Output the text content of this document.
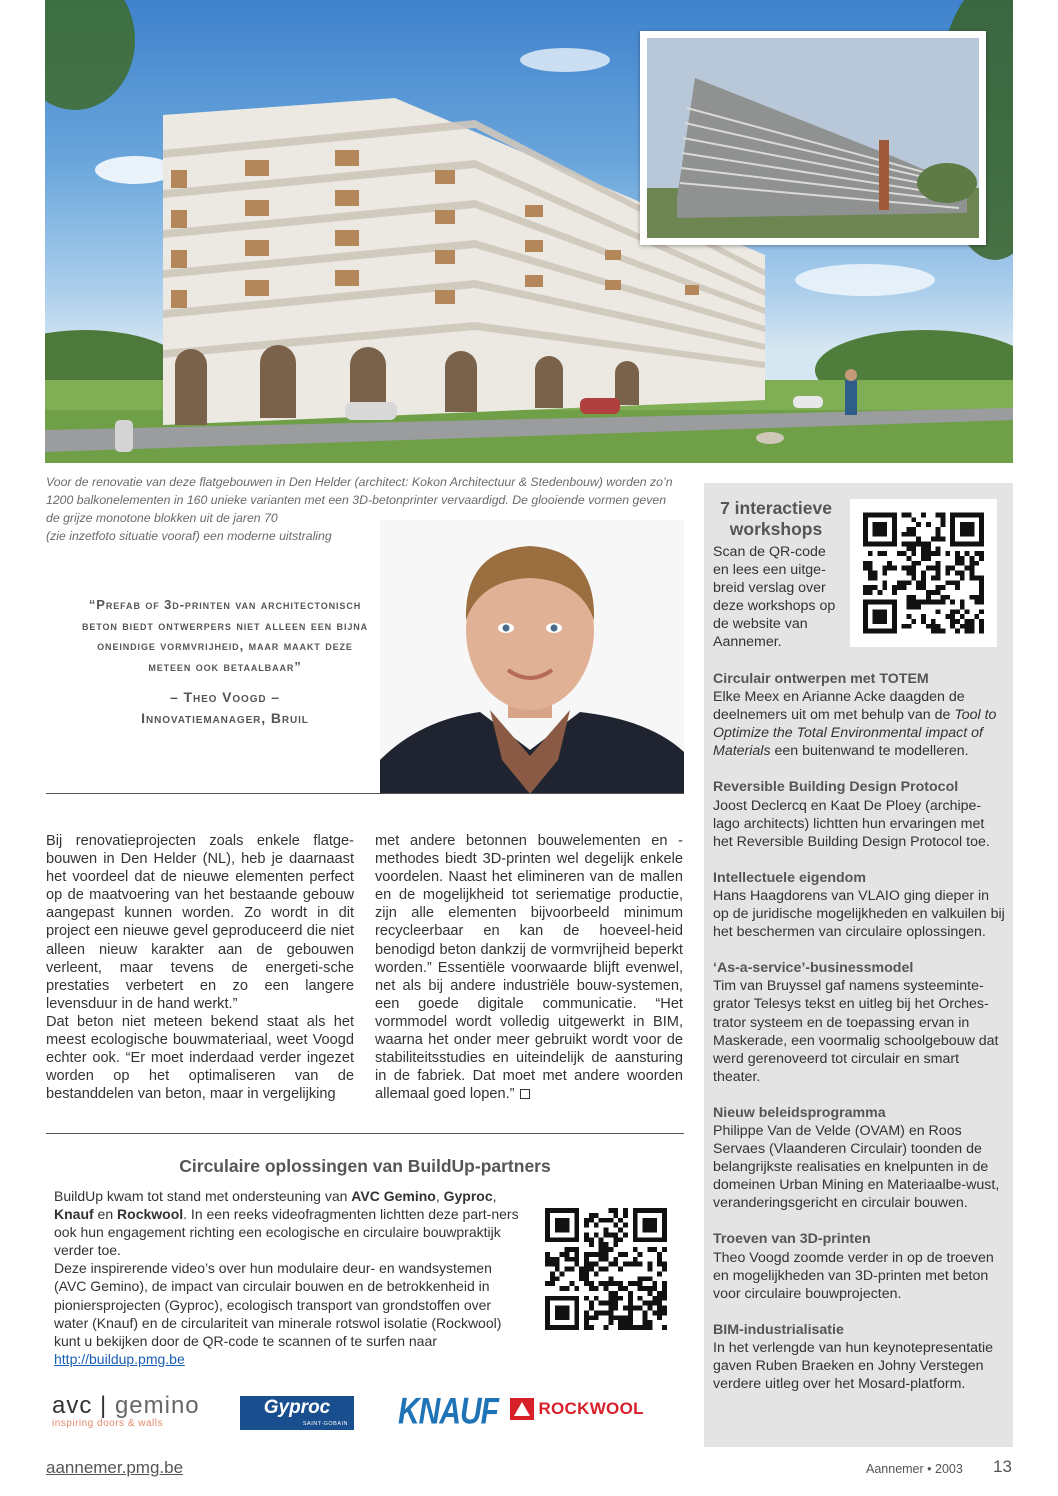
Voor de renovatie van deze flatgebouwen in Den Helder (architect: Kokon Architectuur & Stedenbouw) worden zo’n 1200 balkonelementen in 160 unieke varianten met een 3D-betonprinter vervaardigd. De glooiende vormen geven de grijze monotone blokken uit de jaren 70
(zie inzetfoto situatie vooraf) een moderne uitstraling

“Prefab of 3d-printen van architectonisch beton biedt ontwerpers niet alleen een bijna oneindige vormvrijheid, maar maakt deze meteen ook betaalbaar”
– Theo Voogd –
Innovatiemanager, Bruil

Bij renovatieprojecten zoals enkele flatge-bouwen in Den Helder (NL), heb je daarnaast het voordeel dat de nieuwe elementen perfect op de maatvoering van het bestaande gebouw aangepast kunnen worden. Zo wordt in dit project een nieuwe gevel geproduceerd die niet alleen nieuw karakter aan de gebouwen verleent, maar tevens de energeti-sche prestaties verbetert en zo een langere levensduur in de hand werkt.”

Dat beton niet meteen bekend staat als het meest ecologische bouwmateriaal, weet Voogd echter ook. “Er moet inderdaad verder ingezet worden op het optimaliseren van de bestanddelen van beton, maar in vergelijking

met andere betonnen bouwelementen en -methodes biedt 3D-printen wel degelijk enkele voordelen. Naast het elimineren van de mallen en de mogelijkheid tot seriematige productie, zijn alle elementen bijvoorbeeld minimum recycleerbaar en kan de hoeveel-heid benodigd beton dankzij de vormvrijheid beperkt worden.” Essentiële voorwaarde blijft evenwel, net als bij andere industriële bouw-systemen, een goede digitale communicatie. “Het vormmodel wordt volledig uitgewerkt in BIM, waarna het onder meer gebruikt wordt voor de stabiliteitsstudies en uiteindelijk de aansturing in de fabriek. Dat moet met andere woorden allemaal goed lopen.”

Circulaire oplossingen van BuildUp-partners

BuildUp kwam tot stand met ondersteuning van AVC Gemino, Gyproc, Knauf en Rockwool. In een reeks videofragmenten lichtten deze part-ners ook hun engagement richting een ecologische en circulaire bouwpraktijk verder toe.

Deze inspirerende video’s over hun modulaire deur- en wandsystemen (AVC Gemino), de impact van circulair bouwen en de betrokkenheid in pioniersprojecten (Gyproc), ecologisch transport van grondstoffen over water (Knauf) en de circulariteit van minerale rotswol isolatie (Rockwool) kunt u bekijken door de QR-code te scannen of te surfen naar http://buildup.pmg.be

avc | gemino
inspiring doors & walls
Gyproc
SAINT-GOBAIN KNAUF	ROCKWOOL
7 interactieve workshops

Scan de QR-code en lees een uitge-breid verslag over deze workshops op de website van Aannemer.

Circulair ontwerpen met TOTEM

Elke Meex en Arianne Acke daagden de deelnemers uit om met behulp van de Tool to Optimize the Total Environmental impact of Materials een buitenwand te modelleren.

Reversible Building Design Protocol

Joost Declercq en Kaat De Ploey (archipe-lago architects) lichtten hun ervaringen met het Reversible Building Design Protocol toe.

Intellectuele eigendom

Hans Haagdorens van VLAIO ging dieper in op de juridische mogelijkheden en valkuilen bij het beschermen van circulaire oplossingen.

‘As-a-service’-businessmodel

Tim van Bruyssel gaf namens systeeminte-grator Telesys tekst en uitleg bij het Orches-trator systeem en de toepassing ervan in Maskerade, een voormalig schoolgebouw dat werd gerenoveerd tot circulair en smart theater.

Nieuw beleidsprogramma

Philippe Van de Velde (OVAM) en Roos Servaes (Vlaanderen Circulair) toonden de belangrijkste realisaties en knelpunten in de domeinen Urban Mining en Materiaalbe-wust, veranderingsgericht en circulair bouwen.

Troeven van 3D-printen

Theo Voogd zoomde verder in op de troeven en mogelijkheden van 3D-printen met beton voor circulaire bouwprojecten.

BIM-industrialisatie

In het verlengde van hun keynotepresentatie gaven Ruben Braeken en Johny Verstegen verdere uitleg over het Mosard-platform.

aannemer.pmg.be	Aannemer • 2003 13
